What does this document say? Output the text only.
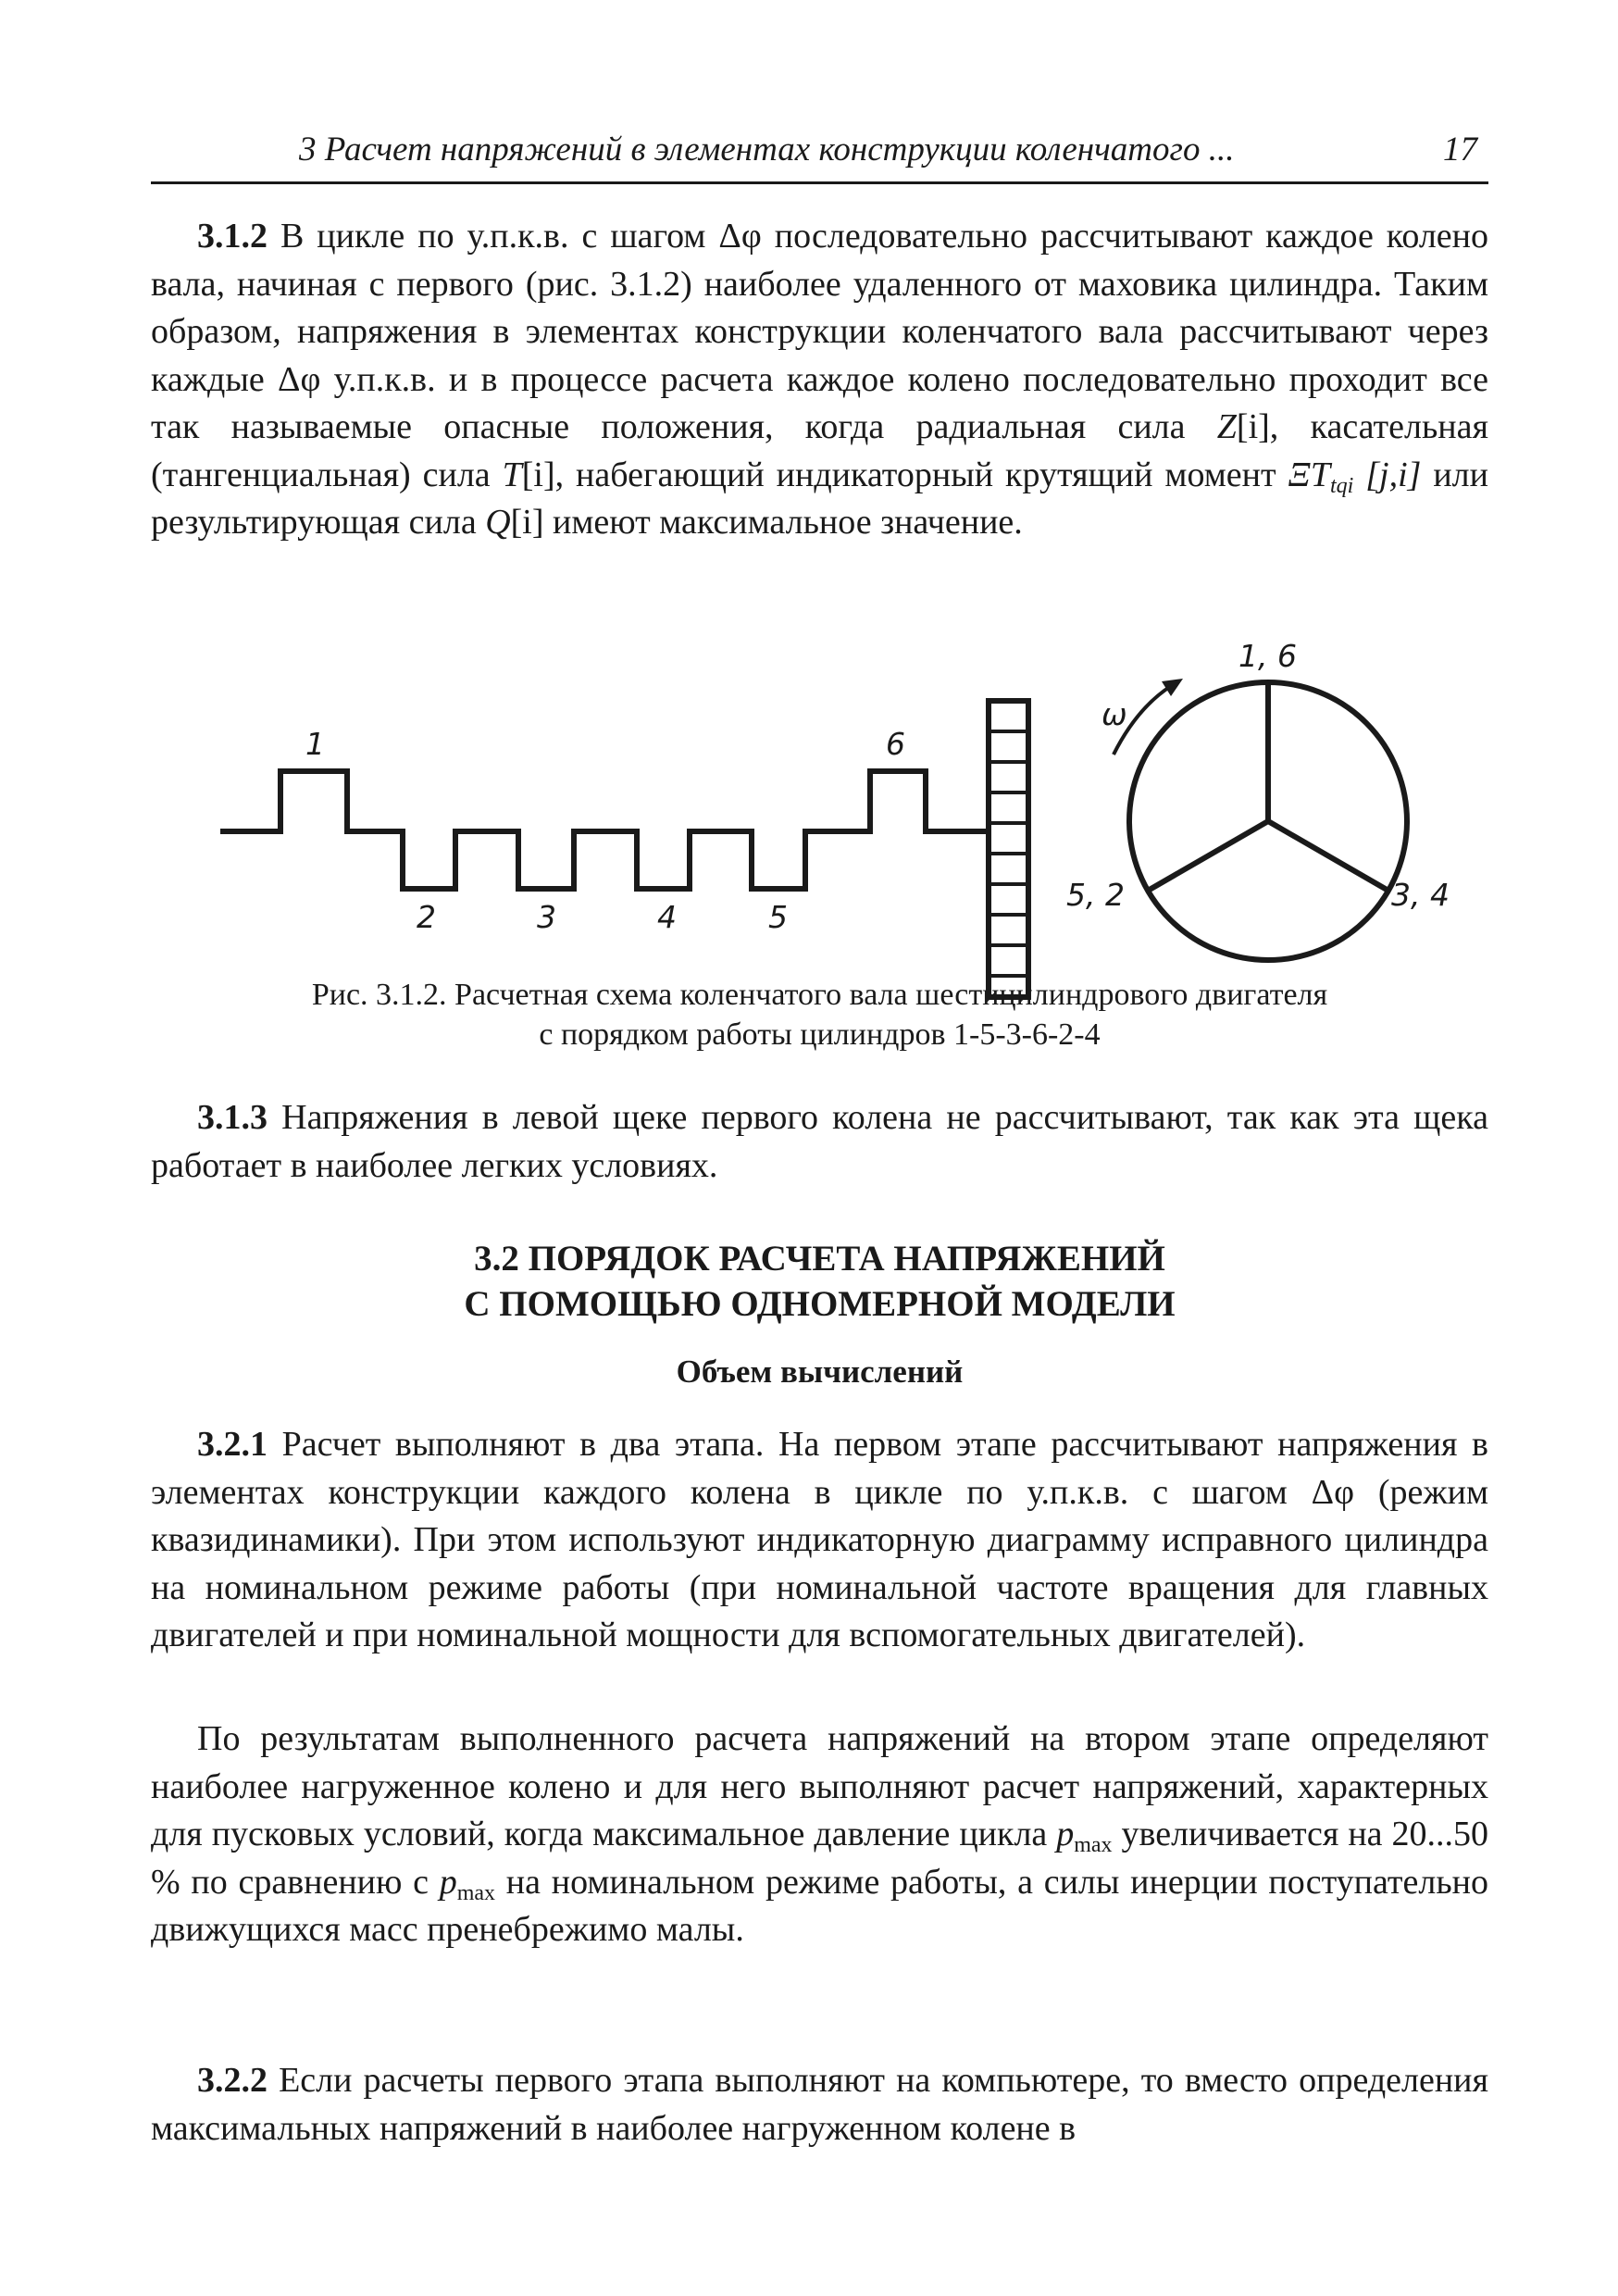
3 Расчет напряжений в элементах конструкции коленчатого ...	17
3.1.2 В цикле по у.п.к.в. с шагом Δφ последовательно рассчитывают каждое колено вала, начиная с первого (рис. 3.1.2) наиболее удаленного от маховика цилиндра. Таким образом, напряжения в элементах конструкции коленчатого вала рассчитывают через каждые Δφ у.п.к.в. и в процессе расчета каждое колено последовательно проходит все так называемые опасные положения, когда радиальная сила Z[i], касательная (тангенциальная) сила T[i], набегающий индикаторный крутящий момент $\Xi T_{tqi}$ [j,i] или результирующая сила Q[i] имеют максимальное значение.
1	6
2	3	4	5
ω
1, 6
5, 2	3, 4
Рис. 3.1.2. Расчетная схема коленчатого вала шестицилиндрового двигателя
с порядком работы цилиндров 1-5-3-6-2-4
3.1.3 Напряжения в левой щеке первого колена не рассчитывают, так как эта щека работает в наиболее легких условиях.
3.2 ПОРЯДОК РАСЧЕТА НАПРЯЖЕНИЙ
С ПОМОЩЬЮ ОДНОМЕРНОЙ МОДЕЛИ
Объем вычислений
3.2.1 Расчет выполняют в два этапа. На первом этапе рассчитывают напряжения в элементах конструкции каждого колена в цикле по у.п.к.в. с шагом Δφ (режим квазидинамики). При этом используют индикаторную диаграмму исправного цилиндра на номинальном режиме работы (при номинальной частоте вращения для главных двигателей и при номинальной мощности для вспомогательных двигателей).
По результатам выполненного расчета напряжений на втором этапе определяют наиболее нагруженное колено и для него выполняют расчет напряжений, характерных для пусковых условий, когда максимальное давление цикла $p_{max}$ увеличивается на 20...50 % по сравнению с $p_{max}$ на номинальном режиме работы, а силы инерции поступательно движущихся масс пренебрежимо малы.
3.2.2 Если расчеты первого этапа выполняют на компьютере, то вместо определения максимальных напряжений в наиболее нагруженном колене в
